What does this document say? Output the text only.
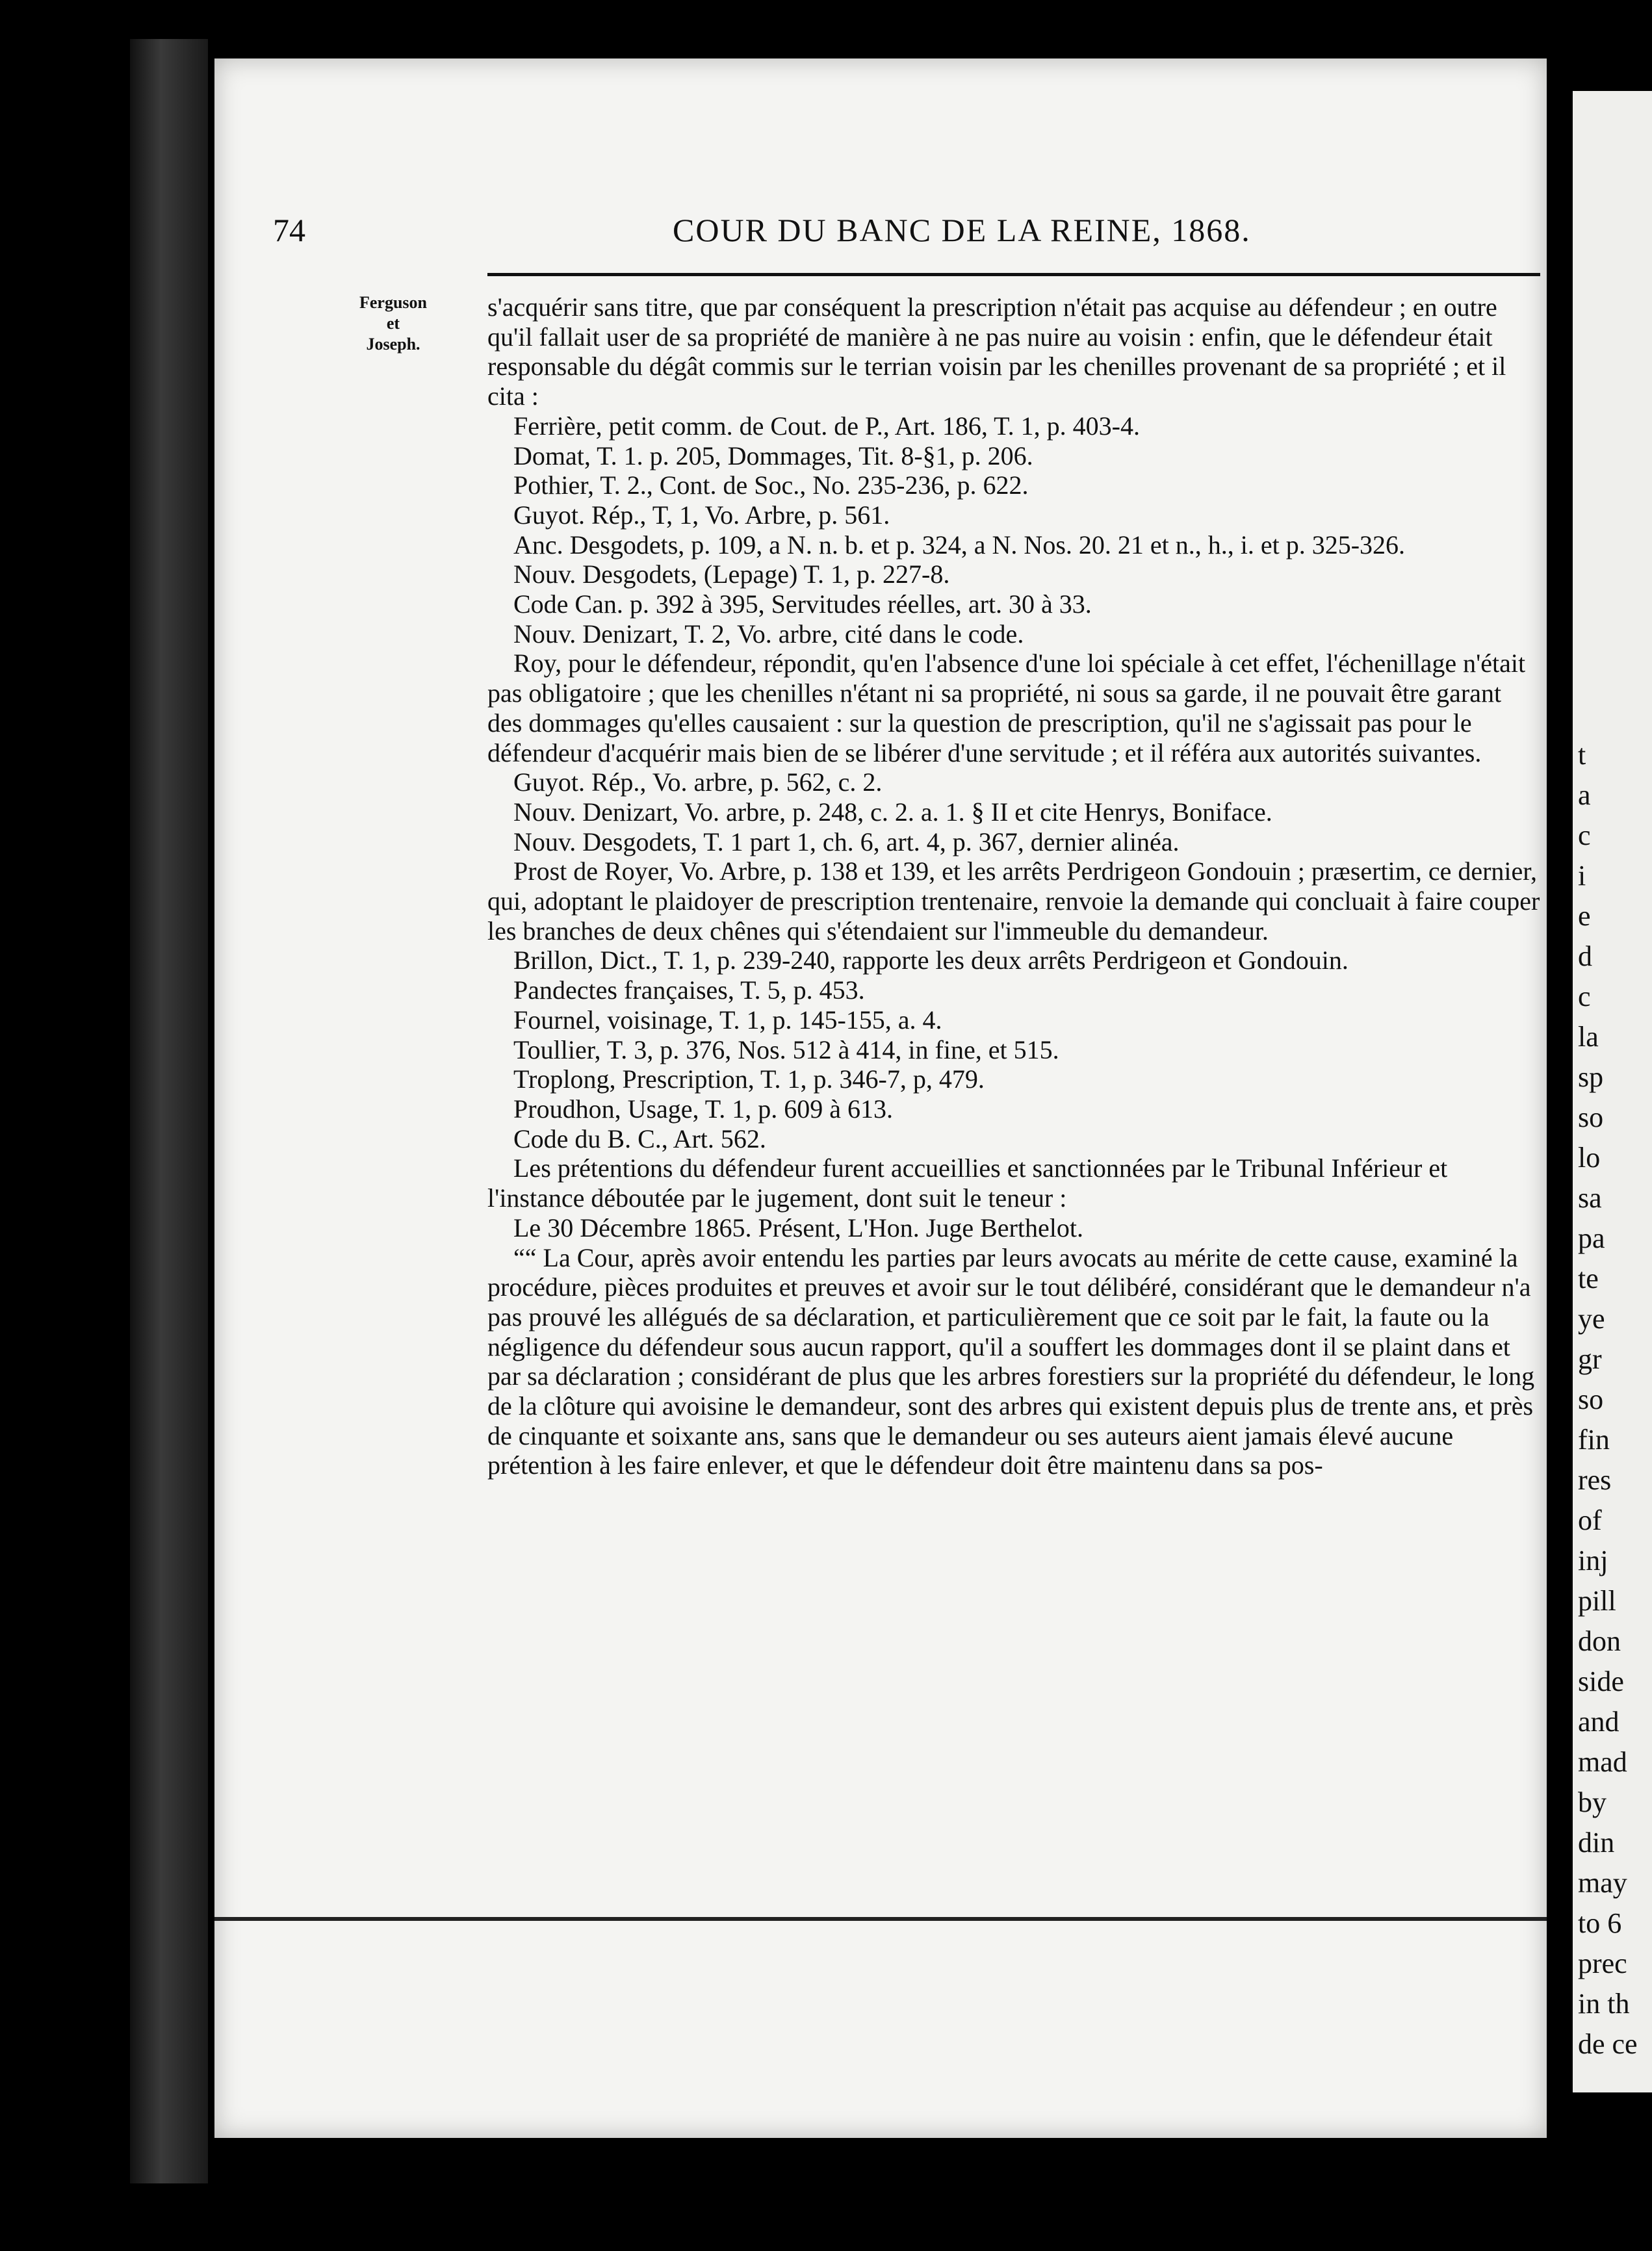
74	COUR DU BANC DE LA REINE, 1868.
Ferguson
et
Joseph.

s'acquérir sans titre, que par conséquent la prescription n'était pas acquise au défendeur ; en outre qu'il fallait user de sa propriété de manière à ne pas nuire au voisin : enfin, que le défendeur était responsable du dégât commis sur le terrian voisin par les chenilles provenant de sa propriété ; et il cita :

Ferrière, petit comm. de Cout. de P., Art. 186, T. 1, p. 403-4.

Domat, T. 1. p. 205, Dommages, Tit. 8-§1, p. 206.

Pothier, T. 2., Cont. de Soc., No. 235-236, p. 622.

Guyot. Rép., T, 1, Vo. Arbre, p. 561.

Anc. Desgodets, p. 109, a N. n. b. et p. 324, a N. Nos. 20. 21 et n., h., i. et p. 325-326.

Nouv. Desgodets, (Lepage) T. 1, p. 227-8.

Code Can. p. 392 à 395, Servitudes réelles, art. 30 à 33.

Nouv. Denizart, T. 2, Vo. arbre, cité dans le code.

Roy, pour le défendeur, répondit, qu'en l'absence d'une loi spéciale à cet effet, l'échenillage n'était pas obligatoire ; que les chenilles n'étant ni sa propriété, ni sous sa garde, il ne pouvait être garant des dommages qu'elles causaient : sur la question de prescription, qu'il ne s'agissait pas pour le défendeur d'acquérir mais bien de se libérer d'une servitude ; et il référa aux autorités suivantes.

Guyot. Rép., Vo. arbre, p. 562, c. 2.

Nouv. Denizart, Vo. arbre, p. 248, c. 2. a. 1. § II et cite Henrys, Boniface.

Nouv. Desgodets, T. 1 part 1, ch. 6, art. 4, p. 367, dernier alinéa.

Prost de Royer, Vo. Arbre, p. 138 et 139, et les arrêts Perdrigeon Gondouin ; præsertim, ce dernier, qui, adoptant le plaidoyer de prescription trentenaire, renvoie la demande qui concluait à faire couper les branches de deux chênes qui s'étendaient sur l'immeuble du demandeur.

Brillon, Dict., T. 1, p. 239-240, rapporte les deux arrêts Perdrigeon et Gondouin.

Pandectes françaises, T. 5, p. 453.

Fournel, voisinage, T. 1, p. 145-155, a. 4.

Toullier, T. 3, p. 376, Nos. 512 à 414, in fine, et 515.

Troplong, Prescription, T. 1, p. 346-7, p, 479.

Proudhon, Usage, T. 1, p. 609 à 613.

Code du B. C., Art. 562.

Les prétentions du défendeur furent accueillies et sanctionnées par le Tribunal Inférieur et l'instance déboutée par le jugement, dont suit le teneur :

Le 30 Décembre 1865. Présent, L'Hon. Juge Berthelot.

““ La Cour, après avoir entendu les parties par leurs avocats au mérite de cette cause, examiné la procédure, pièces produites et preuves et avoir sur le tout délibéré, considérant que le demandeur n'a pas prouvé les allégués de sa déclaration, et particulièrement que ce soit par le fait, la faute ou la négligence du défendeur sous aucun rapport, qu'il a souffert les dommages dont il se plaint dans et par sa déclaration ; considérant de plus que les arbres forestiers sur la propriété du défendeur, le long de la clôture qui avoisine le demandeur, sont des arbres qui existent depuis plus de trente ans, et près de cinquante et soixante ans, sans que le demandeur ou ses auteurs aient jamais élevé aucune prétention à les faire enlever, et que le défendeur doit être maintenu dans sa pos-

t
a
c
i
e
d
c
la
sp
so
lo
sa
pa
te
ye
gr
so
fin
res
of
inj
pill
don
side
and
mad
by
din
may
to 6
prec
in th
de ce
